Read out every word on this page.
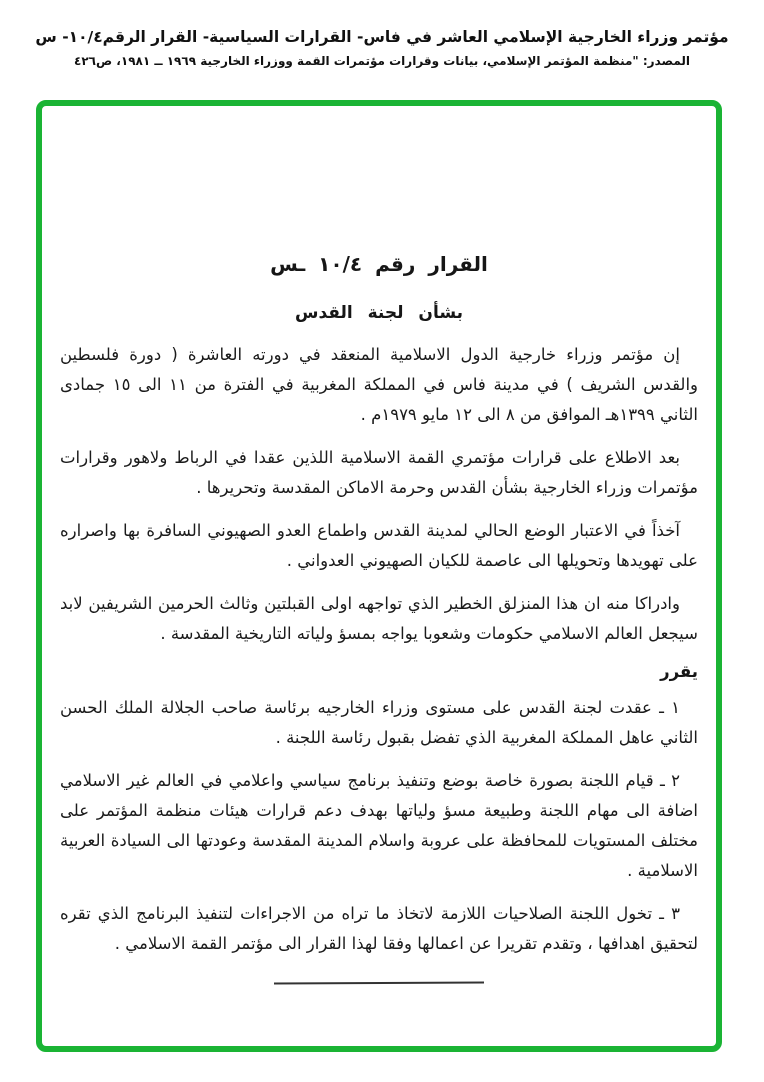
مؤتمر وزراء الخارجية الإسلامي العاشر في فاس- القرارات السياسية- القرار الرقم١٠/٤- س
المصدر: "منظمة المؤتمر الإسلامي، بيانات وقرارات مؤتمرات القمة ووزراء الخارجية ١٩٦٩ ــ ١٩٨١، ص٤٢٦
القرار رقم ١٠/٤ ـس
بشأن لجنة القدس

إن مؤتمر وزراء خارجية الدول الاسلامية المنعقد في دورته العاشرة ( دورة فلسطين والقدس الشريف ) في مدينة فاس في المملكة المغربية في الفترة من ١١ الى ١٥ جمادى الثاني ١٣٩٩هـ الموافق من ٨ الى ١٢ مايو ١٩٧٩م .

بعد الاطلاع على قرارات مؤتمري القمة الاسلامية اللذين عقدا في الرباط ولاهور وقرارات مؤتمرات وزراء الخارجية بشأن القدس وحرمة الاماكن المقدسة وتحريرها .

آخذاً في الاعتبار الوضع الحالي لمدينة القدس واطماع العدو الصهيوني السافرة بها واصراره على تهويدها وتحويلها الى عاصمة للكيان الصهيوني العدواني .

وادراكا منه ان هذا المنزلق الخطير الذي تواجهه اولى القبلتين وثالث الحرمين الشريفين لابد سيجعل العالم الاسلامي حكومات وشعوبا يواجه بمسؤ ولياته التاريخية المقدسة .

يقرر

١ ـ عقدت لجنة القدس على مستوى وزراء الخارجيه برئاسة صاحب الجلالة الملك الحسن الثاني عاهل المملكة المغربية الذي تفضل بقبول رئاسة اللجنة .

٢ ـ قيام اللجنة بصورة خاصة بوضع وتنفيذ برنامج سياسي واعلامي في العالم غير الاسلامي اضافة الى مهام اللجنة وطبيعة مسؤ ولياتها بهدف دعم قرارات هيئات منظمة المؤتمر على مختلف المستويات للمحافظة على عروبة واسلام المدينة المقدسة وعودتها الى السيادة العربية الاسلامية .

٣ ـ تخول اللجنة الصلاحيات اللازمة لاتخاذ ما تراه من الاجراءات لتنفيذ البرنامج الذي تقره لتحقيق اهدافها ، وتقدم تقريرا عن اعمالها وفقا لهذا القرار الى مؤتمر القمة الاسلامي .
